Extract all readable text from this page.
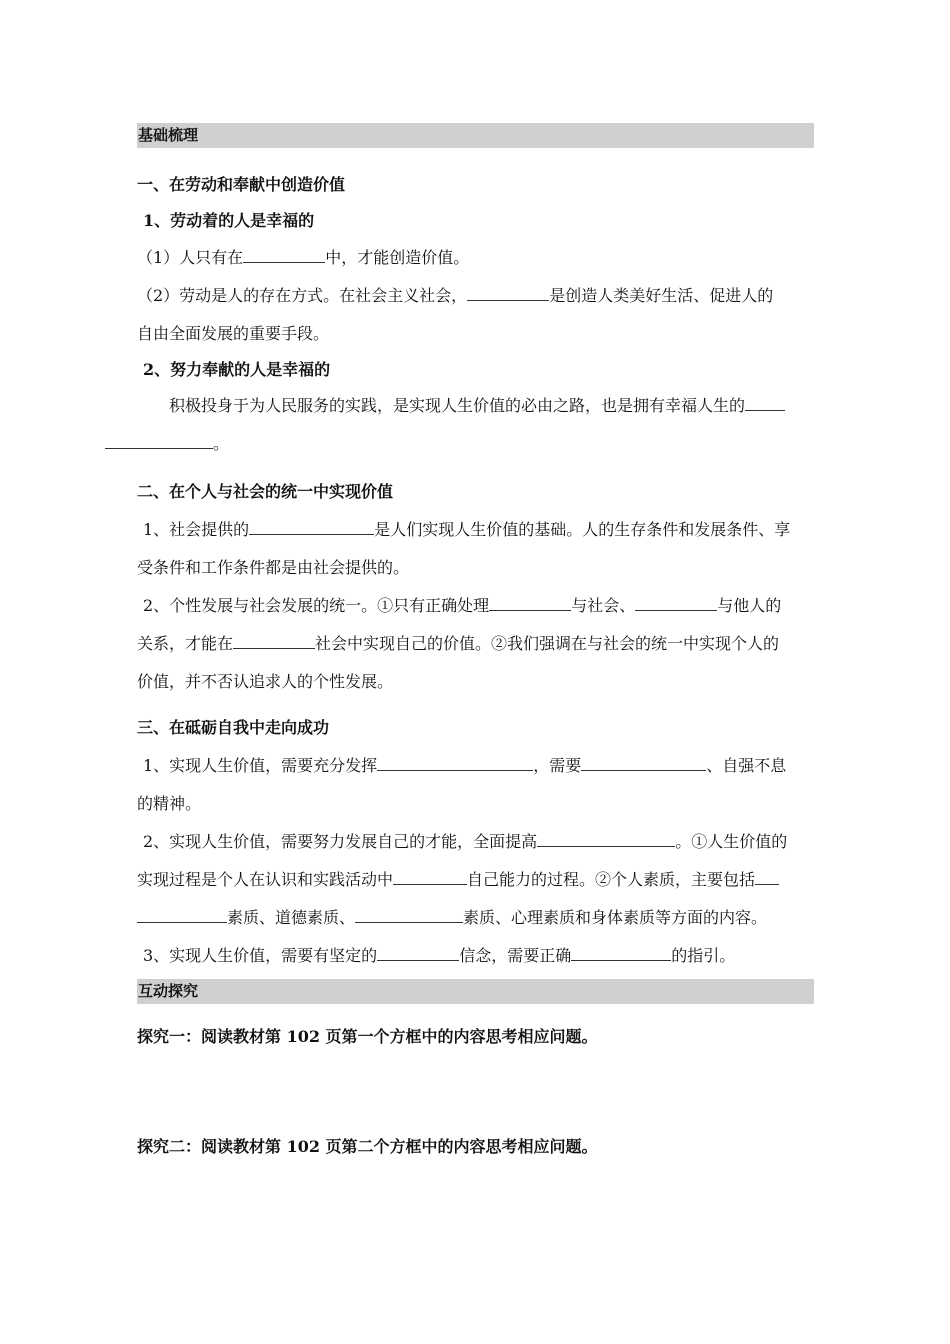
基础梳理
一、在劳动和奉献中创造价值
1、劳动着的人是幸福的
（1）人只有在	中，才能创造价值。
（2）劳动是人的存在方式。在社会主义社会，	是创造人类美好生活、促进人的
自由全面发展的重要手段。
2、努力奉献的人是幸福的
积极投身于为人民服务的实践，是实现人生价值的必由之路，也是拥有幸福人生的
。
二、在个人与社会的统一中实现价值
1、社会提供的	是人们实现人生价值的基础。人的生存条件和发展条件、享
受条件和工作条件都是由社会提供的。
2、个性发展与社会发展的统一。①只有正确处理	与社会、	与他人的
关系，才能在	社会中实现自己的价值。②我们强调在与社会的统一中实现个人的
价值，并不否认追求人的个性发展。
三、在砥砺自我中走向成功
1、实现人生价值，需要充分发挥	，需要	、自强不息
的精神。
2、实现人生价值，需要努力发展自己的才能，全面提高	。①人生价值的
实现过程是个人在认识和实践活动中	自己能力的过程。②个人素质，主要包括
素质、道德素质、	素质、心理素质和身体素质等方面的内容。
3、实现人生价值，需要有坚定的	信念，需要正确	的指引。
互动探究
探究一：阅读教材第 102 页第一个方框中的内容思考相应问题。
探究二：阅读教材第 102 页第二个方框中的内容思考相应问题。
